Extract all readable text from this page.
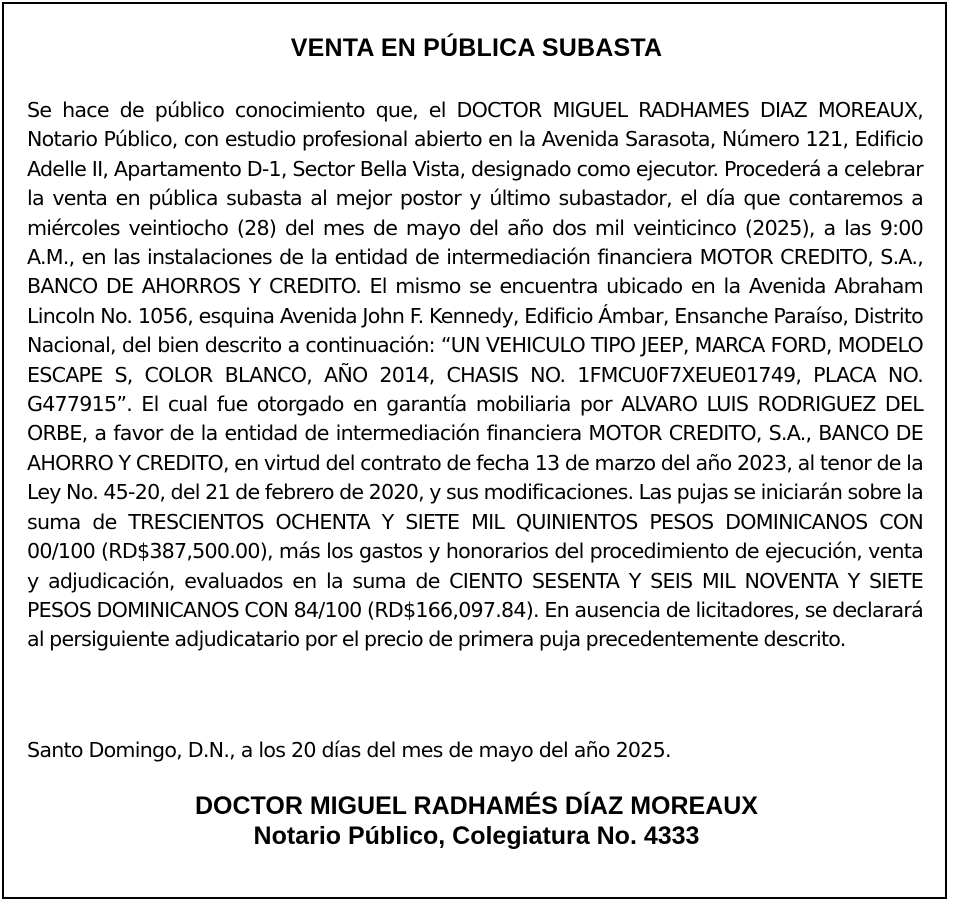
VENTA EN PÚBLICA SUBASTA

Se hace de público conocimiento que, el DOCTOR MIGUEL RADHAMES DIAZ MOREAUX, Notario Público, con estudio profesional abierto en la Avenida Sarasota, Número 121, Edificio Adelle II, Apartamento D-1, Sector Bella Vista, designado como ejecutor. Procederá a celebrar la venta en pública subasta al mejor postor y último subastador, el día que contaremos a miércoles veintiocho (28) del mes de mayo del año dos mil veinticinco (2025), a las 9:00 A.M., en las instalaciones de la entidad de intermediación financiera MOTOR CREDITO, S.A., BANCO DE AHORROS Y CREDITO. El mismo se encuentra ubicado en la Avenida Abraham Lincoln No. 1056, esquina Avenida John F. Kennedy, Edificio Ámbar, Ensanche Paraíso, Distrito Nacional, del bien descrito a continuación: “UN VEHICULO TIPO JEEP, MARCA FORD, MODELO ESCAPE S, COLOR BLANCO, AÑO 2014, CHASIS NO. 1FMCU0F7XEUE01749, PLACA NO. G477915”. El cual fue otorgado en garantía mobiliaria por ALVARO LUIS RODRIGUEZ DEL ORBE, a favor de la entidad de intermediación financiera MOTOR CREDITO, S.A., BANCO DE AHORRO Y CREDITO, en virtud del contrato de fecha 13 de marzo del año 2023, al tenor de la Ley No. 45-20, del 21 de febrero de 2020, y sus modificaciones. Las pujas se iniciarán sobre la suma de TRESCIENTOS OCHENTA Y SIETE MIL QUINIENTOS PESOS DOMINICANOS CON 00/100 (RD$387,500.00), más los gastos y honorarios del procedimiento de ejecución, venta y adjudicación, evaluados en la suma de CIENTO SESENTA Y SEIS MIL NOVENTA Y SIETE PESOS DOMINICANOS CON 84/100 (RD$166,097.84). En ausencia de licitadores, se declarará al persiguiente adjudicatario por el precio de primera puja precedentemente descrito.

Santo Domingo, D.N., a los 20 días del mes de mayo del año 2025.

DOCTOR MIGUEL RADHAMÉS DÍAZ MOREAUX
Notario Público, Colegiatura No. 4333
